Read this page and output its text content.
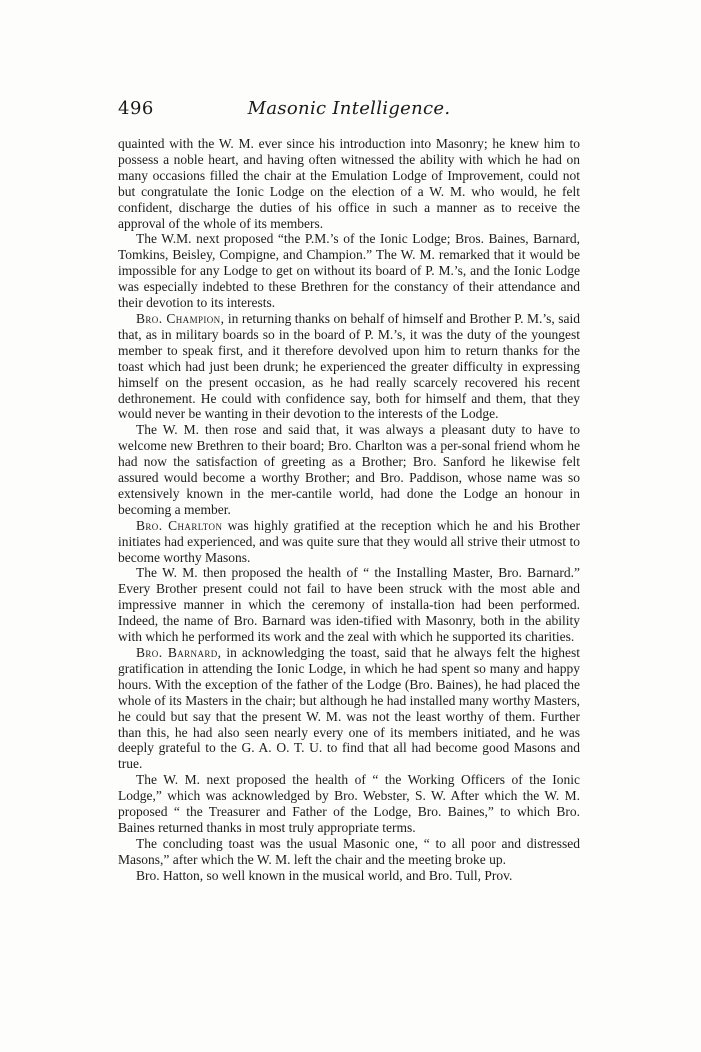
496	Masonic Intelligence.

quainted with the W. M. ever since his introduction into Masonry; he knew him to possess a noble heart, and having often witnessed the ability with which he had on many occasions filled the chair at the Emulation Lodge of Improvement, could not but congratulate the Ionic Lodge on the election of a W. M. who would, he felt confident, discharge the duties of his office in such a manner as to receive the approval of the whole of its members.

The W.M. next proposed “the P.M.’s of the Ionic Lodge; Bros. Baines, Barnard, Tomkins, Beisley, Compigne, and Champion.” The W. M. remarked that it would be impossible for any Lodge to get on without its board of P. M.’s, and the Ionic Lodge was especially indebted to these Brethren for the constancy of their attendance and their devotion to its interests.

Bro. Champion, in returning thanks on behalf of himself and Brother P. M.’s, said that, as in military boards so in the board of P. M.’s, it was the duty of the youngest member to speak first, and it therefore devolved upon him to return thanks for the toast which had just been drunk; he experienced the greater difficulty in expressing himself on the present occasion, as he had really scarcely recovered his recent dethronement. He could with confidence say, both for himself and them, that they would never be wanting in their devotion to the interests of the Lodge.

The W. M. then rose and said that, it was always a pleasant duty to have to welcome new Brethren to their board; Bro. Charlton was a per-sonal friend whom he had now the satisfaction of greeting as a Brother; Bro. Sanford he likewise felt assured would become a worthy Brother; and Bro. Paddison, whose name was so extensively known in the mer-cantile world, had done the Lodge an honour in becoming a member.

Bro. Charlton was highly gratified at the reception which he and his Brother initiates had experienced, and was quite sure that they would all strive their utmost to become worthy Masons.

The W. M. then proposed the health of “ the Installing Master, Bro. Barnard.” Every Brother present could not fail to have been struck with the most able and impressive manner in which the ceremony of installa-tion had been performed. Indeed, the name of Bro. Barnard was iden-tified with Masonry, both in the ability with which he performed its work and the zeal with which he supported its charities.

Bro. Barnard, in acknowledging the toast, said that he always felt the highest gratification in attending the Ionic Lodge, in which he had spent so many and happy hours. With the exception of the father of the Lodge (Bro. Baines), he had placed the whole of its Masters in the chair; but although he had installed many worthy Masters, he could but say that the present W. M. was not the least worthy of them. Further than this, he had also seen nearly every one of its members initiated, and he was deeply grateful to the G. A. O. T. U. to find that all had become good Masons and true.

The W. M. next proposed the health of “ the Working Officers of the Ionic Lodge,” which was acknowledged by Bro. Webster, S. W. After which the W. M. proposed “ the Treasurer and Father of the Lodge, Bro. Baines,” to which Bro. Baines returned thanks in most truly appropriate terms.

The concluding toast was the usual Masonic one, “ to all poor and distressed Masons,” after which the W. M. left the chair and the meeting broke up.

Bro. Hatton, so well known in the musical world, and Bro. Tull, Prov.
